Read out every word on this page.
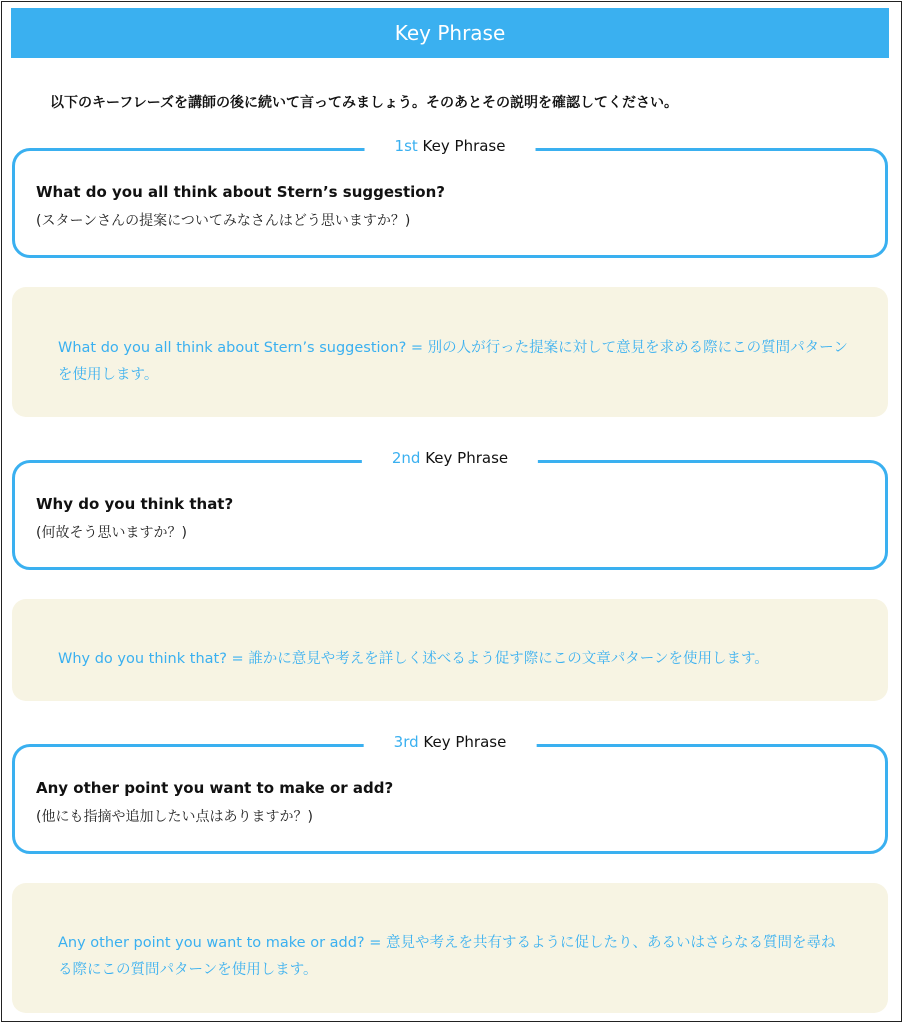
Key Phrase
以下のキーフレーズを講師の後に続いて言ってみましょう。そのあとその説明を確認してください。
1st Key Phrase
What do you all think about Stern’s suggestion?
(スターンさんの提案についてみなさんはどう思いますか？)
What do you all think about Stern’s suggestion? = 別の人が行った提案に対して意見を求める際にこの質問パターンを使用します。
2nd Key Phrase
Why do you think that?
(何故そう思いますか？)
Why do you think that? = 誰かに意見や考えを詳しく述べるよう促す際にこの文章パターンを使用します。
3rd Key Phrase
Any other point you want to make or add?
(他にも指摘や追加したい点はありますか？)
Any other point you want to make or add? = 意見や考えを共有するように促したり、あるいはさらなる質問を尋ねる際にこの質問パターンを使用します。
